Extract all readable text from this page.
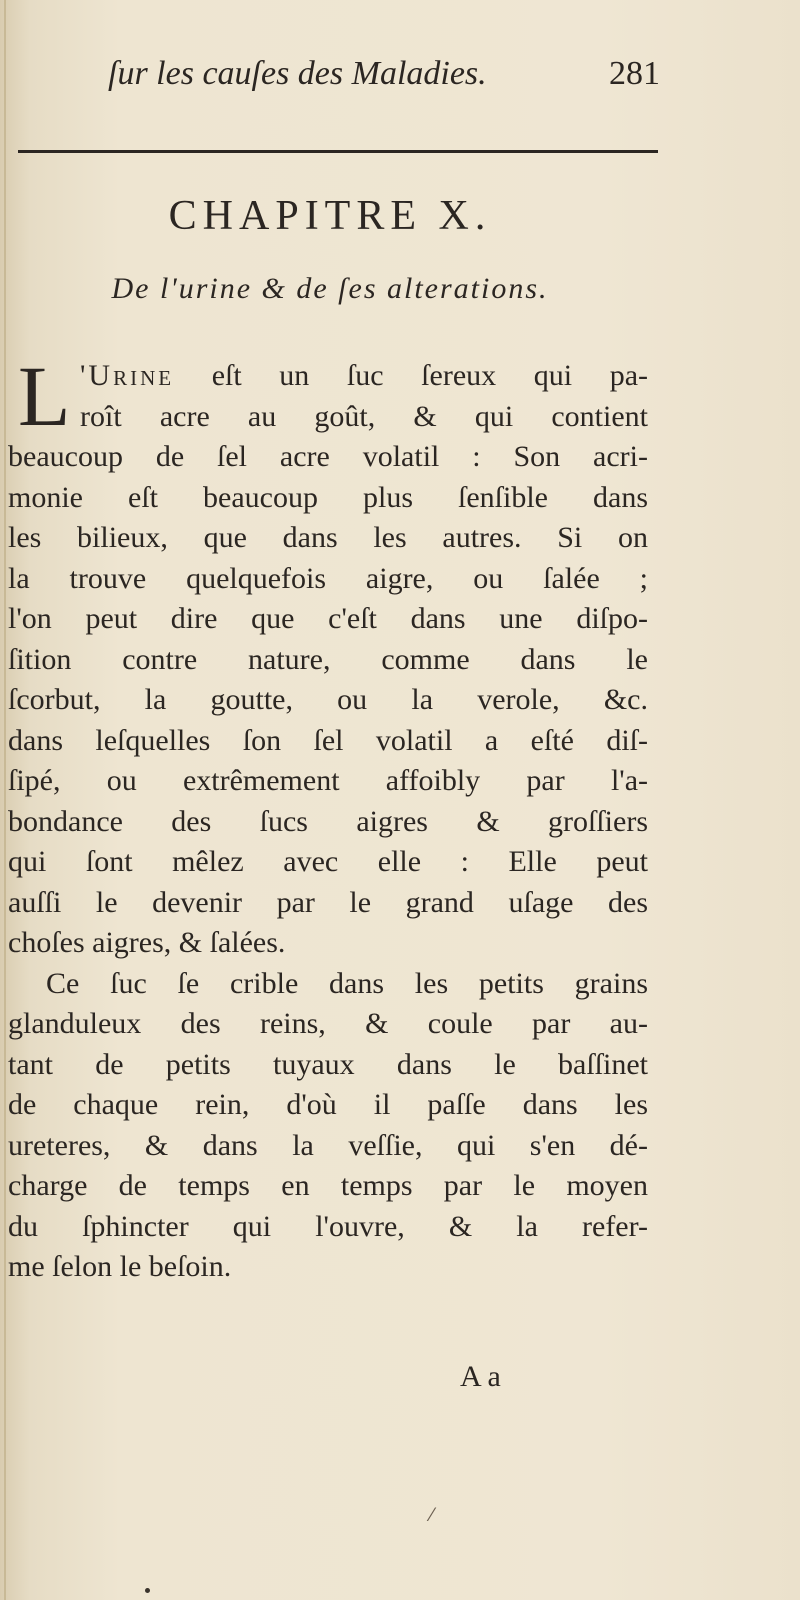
ſur les cauſes des Maladies.	281
CHAPITRE X.
De l'urine & de ſes alterations.
L 'Urine eſt un ſuc ſereux qui pa-
roît acre au goût, & qui contient
beaucoup de ſel acre volatil : Son acri-
monie eſt beaucoup plus ſenſible dans
les bilieux, que dans les autres. Si on
la trouve quelquefois aigre, ou ſalée ;
l'on peut dire que c'eſt dans une diſpo-
ſition contre nature, comme dans le
ſcorbut, la goutte, ou la verole, &c.
dans leſquelles ſon ſel volatil a eſté diſ-
ſipé, ou extrêmement affoibly par l'a-
bondance des ſucs aigres & groſſiers
qui ſont mêlez avec elle : Elle peut
auſſi le devenir par le grand uſage des
choſes aigres, & ſalées.
Ce ſuc ſe crible dans les petits grains
glanduleux des reins, & coule par au-
tant de petits tuyaux dans le baſſinet
de chaque rein, d'où il paſſe dans les
ureteres, & dans la veſſie, qui s'en dé-
charge de temps en temps par le moyen
du ſphincter qui l'ouvre, & la refer-
me ſelon le beſoin.
A a
⁄
